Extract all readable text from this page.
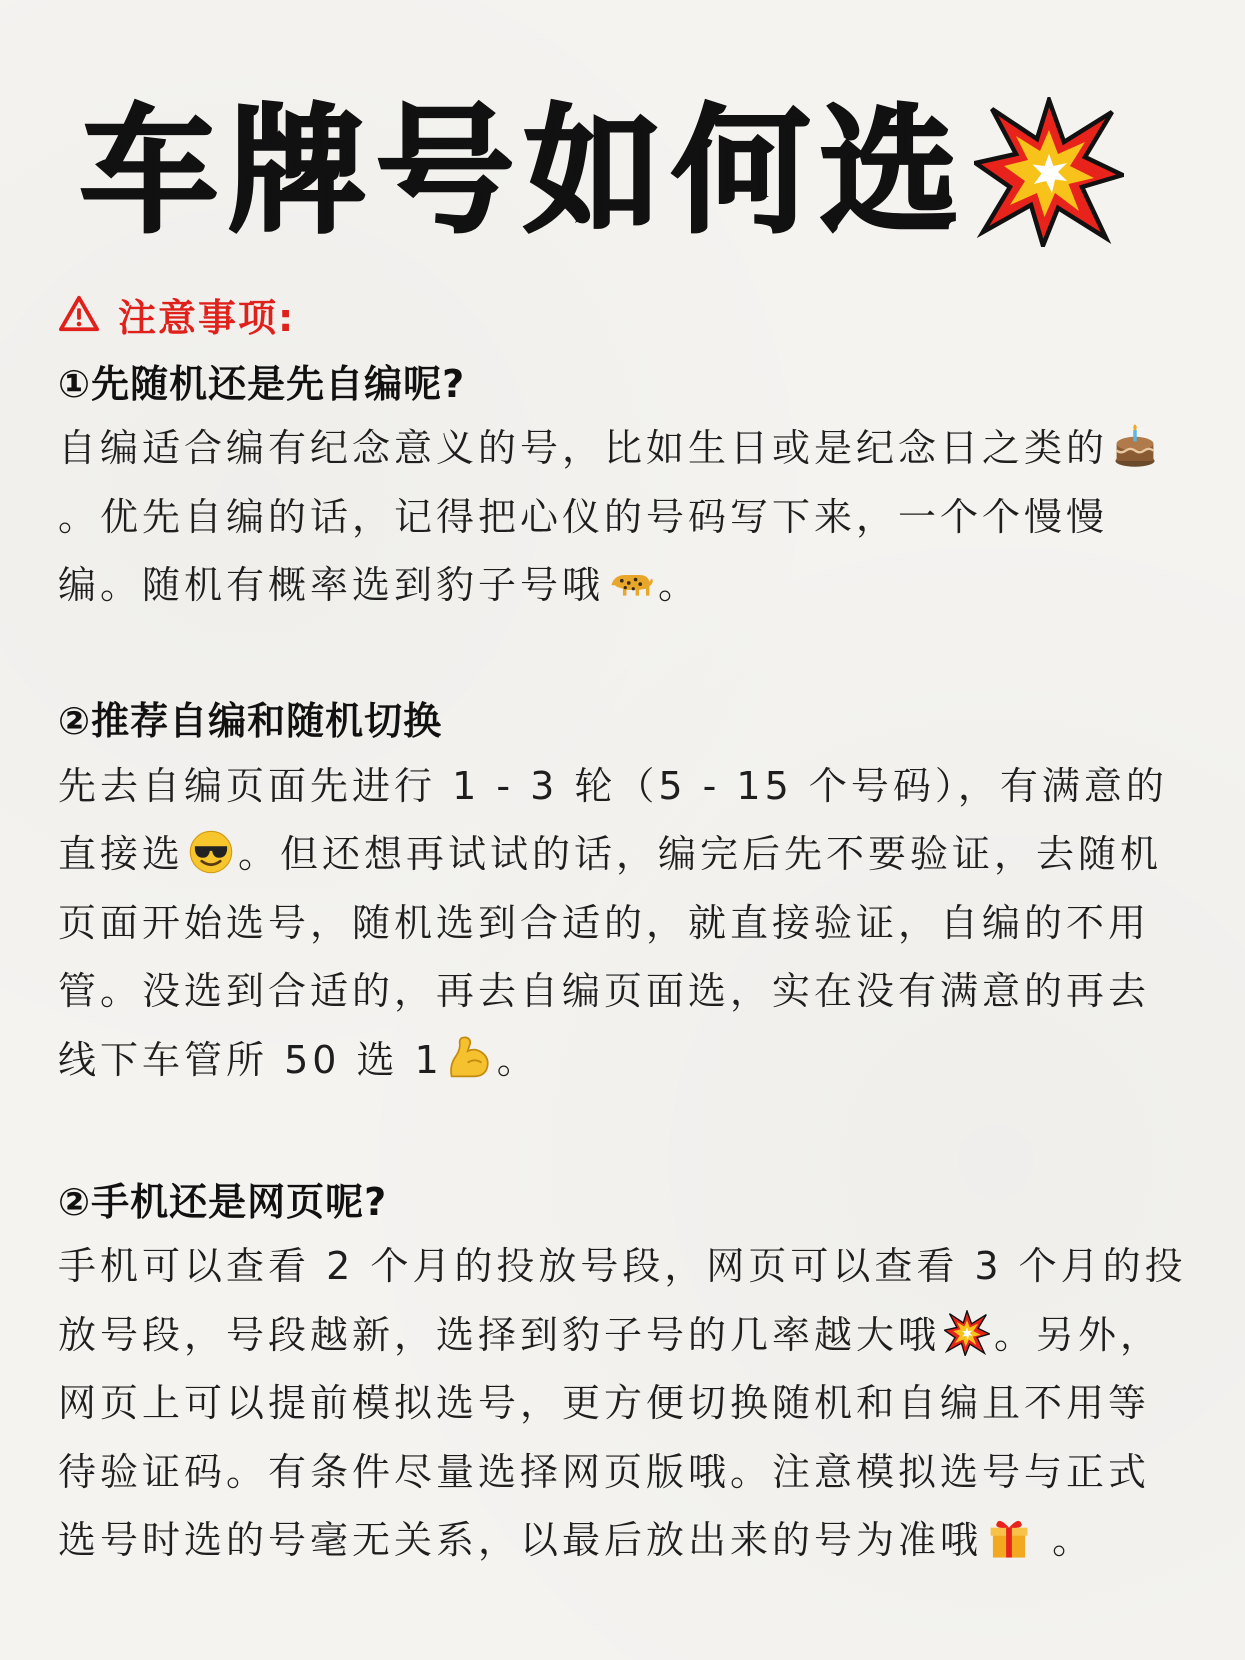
车牌号如何选
注意事项:
①先随机还是先自编呢?

自编适合编有纪念意义的号，比如生日或是纪念日之类的。优先自编的话，记得把心仪的号码写下来，一个个慢慢编。随机有概率选到豹子号哦 。

②推荐自编和随机切换

先去自编页面先进行 1 - 3 轮（5 - 15 个号码），有满意的直接选 。但还想再试试的话，编完后先不要验证，去随机页面开始选号，随机选到合适的，就直接验证，自编的不用管。没选到合适的，再去自编页面选，实在没有满意的再去线下车管所 50 选 1 。

②手机还是网页呢?

手机可以查看 2 个月的投放号段，网页可以查看 3 个月的投放号段，号段越新，选择到豹子号的几率越大哦 。另外，网页上可以提前模拟选号，更方便切换随机和自编且不用等待验证码。有条件尽量选择网页版哦。注意模拟选号与正式选号时选的号毫无关系，以最后放出来的号为准哦 。
